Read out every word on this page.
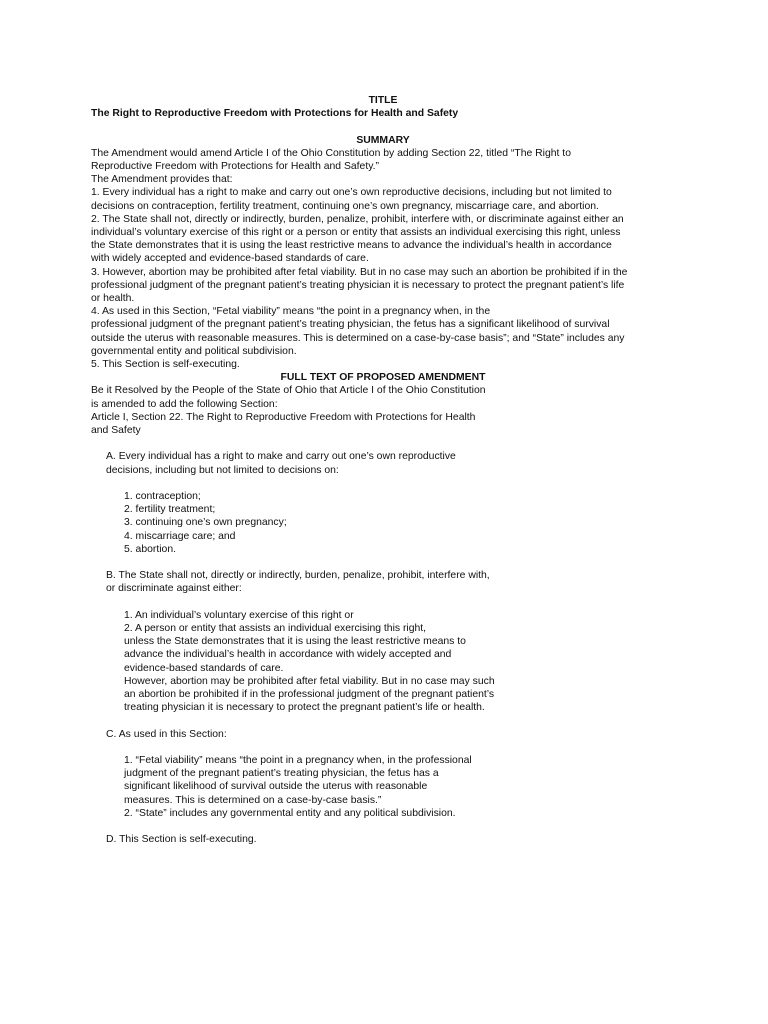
TITLE
The Right to Reproductive Freedom with Protections for Health and Safety
SUMMARY
The Amendment would amend Article I of the Ohio Constitution by adding Section 22, titled “The Right to
Reproductive Freedom with Protections for Health and Safety.”
The Amendment provides that:
1. Every individual has a right to make and carry out one’s own reproductive decisions, including but not limited to
decisions on contraception, fertility treatment, continuing one’s own pregnancy, miscarriage care, and abortion.
2. The State shall not, directly or indirectly, burden, penalize, prohibit, interfere with, or discriminate against either an
individual’s voluntary exercise of this right or a person or entity that assists an individual exercising this right, unless
the State demonstrates that it is using the least restrictive means to advance the individual’s health in accordance
with widely accepted and evidence-based standards of care.
3. However, abortion may be prohibited after fetal viability. But in no case may such an abortion be prohibited if in the
professional judgment of the pregnant patient’s treating physician it is necessary to protect the pregnant patient’s life
or health.
4. As used in this Section, “Fetal viability” means “the point in a pregnancy when, in the
professional judgment of the pregnant patient’s treating physician, the fetus has a significant likelihood of survival
outside the uterus with reasonable measures. This is determined on a case-by-case basis”; and “State” includes any
governmental entity and political subdivision.
5. This Section is self-executing.
FULL TEXT OF PROPOSED AMENDMENT
Be it Resolved by the People of the State of Ohio that Article I of the Ohio Constitution
is amended to add the following Section:
Article I, Section 22. The Right to Reproductive Freedom with Protections for Health
and Safety
A. Every individual has a right to make and carry out one’s own reproductive
decisions, including but not limited to decisions on:
1. contraception;
2. fertility treatment;
3. continuing one’s own pregnancy;
4. miscarriage care; and
5. abortion.
B. The State shall not, directly or indirectly, burden, penalize, prohibit, interfere with,
or discriminate against either:
1. An individual’s voluntary exercise of this right or
2. A person or entity that assists an individual exercising this right,
unless the State demonstrates that it is using the least restrictive means to
advance the individual’s health in accordance with widely accepted and
evidence-based standards of care.
However, abortion may be prohibited after fetal viability. But in no case may such
an abortion be prohibited if in the professional judgment of the pregnant patient’s
treating physician it is necessary to protect the pregnant patient’s life or health.
C. As used in this Section:
1. “Fetal viability” means “the point in a pregnancy when, in the professional
judgment of the pregnant patient’s treating physician, the fetus has a
significant likelihood of survival outside the uterus with reasonable
measures. This is determined on a case-by-case basis.”
2. “State” includes any governmental entity and any political subdivision.
D. This Section is self-executing.
